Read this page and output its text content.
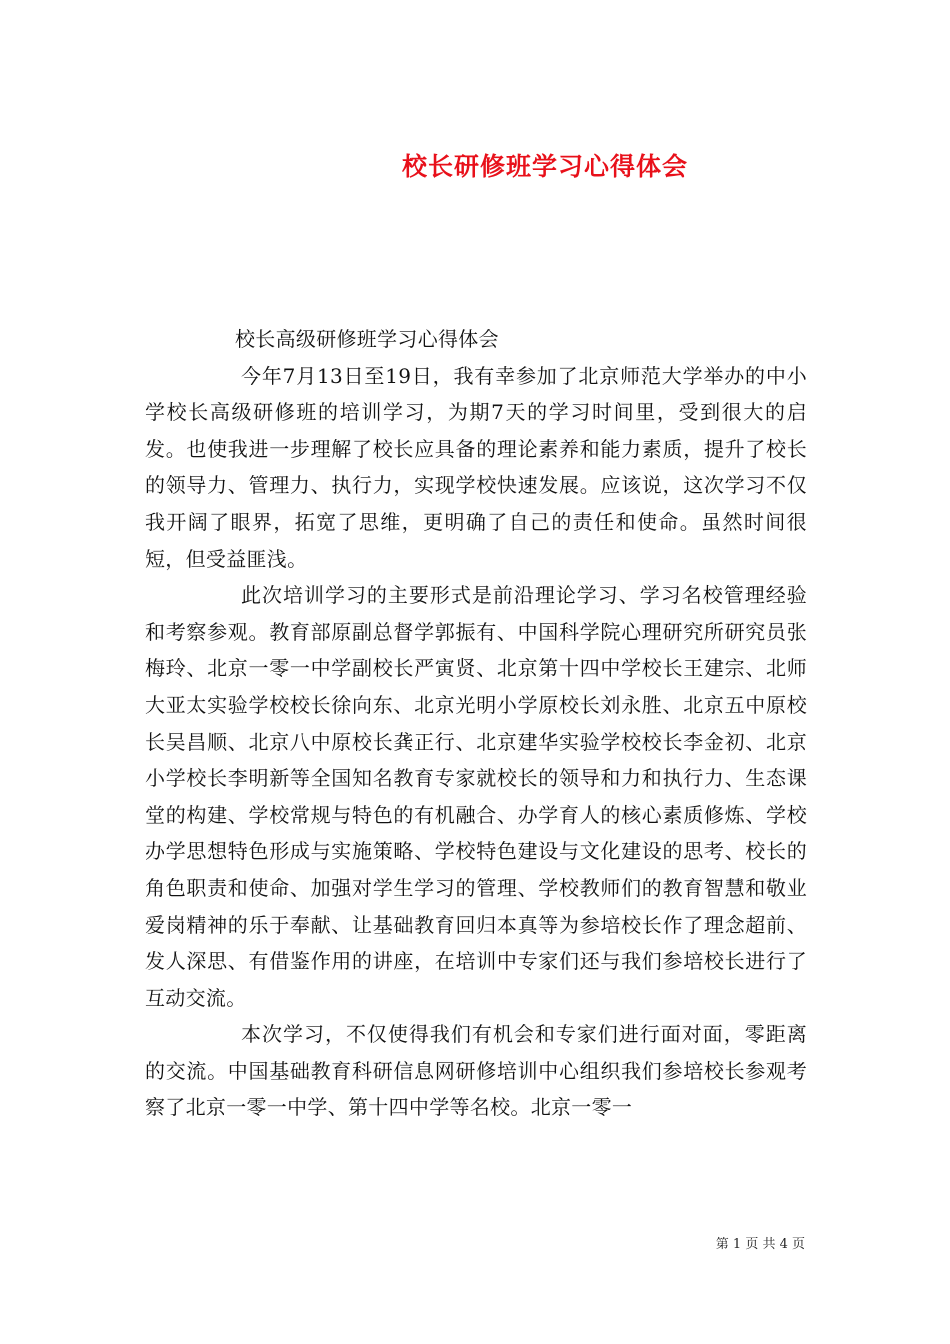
校长研修班学习心得体会

校长高级研修班学习心得体会

今年7月13日至19日，我有幸参加了北京师范大学举办的中小学校长高级研修班的培训学习，为期7天的学习时间里，受到很大的启发。也使我进一步理解了校长应具备的理论素养和能力素质，提升了校长的领导力、管理力、执行力，实现学校快速发展。应该说，这次学习不仅我开阔了眼界，拓宽了思维，更明确了自己的责任和使命。虽然时间很短，但受益匪浅。

此次培训学习的主要形式是前沿理论学习、学习名校管理经验和考察参观。教育部原副总督学郭振有、中国科学院心理研究所研究员张梅玲、北京一零一中学副校长严寅贤、北京第十四中学校长王建宗、北师大亚太实验学校校长徐向东、北京光明小学原校长刘永胜、北京五中原校长吴昌顺、北京八中原校长龚正行、北京建华实验学校校长李金初、北京小学校长李明新等全国知名教育专家就校长的领导和力和执行力、生态课堂的构建、学校常规与特色的有机融合、办学育人的核心素质修炼、学校办学思想特色形成与实施策略、学校特色建设与文化建设的思考、校长的角色职责和使命、加强对学生学习的管理、学校教师们的教育智慧和敬业爱岗精神的乐于奉献、让基础教育回归本真等为参培校长作了理念超前、发人深思、有借鉴作用的讲座，在培训中专家们还与我们参培校长进行了互动交流。

本次学习，不仅使得我们有机会和专家们进行面对面，零距离的交流。中国基础教育科研信息网研修培训中心组织我们参培校长参观考察了北京一零一中学、第十四中学等名校。北京一零一

第 1 页 共 4 页
